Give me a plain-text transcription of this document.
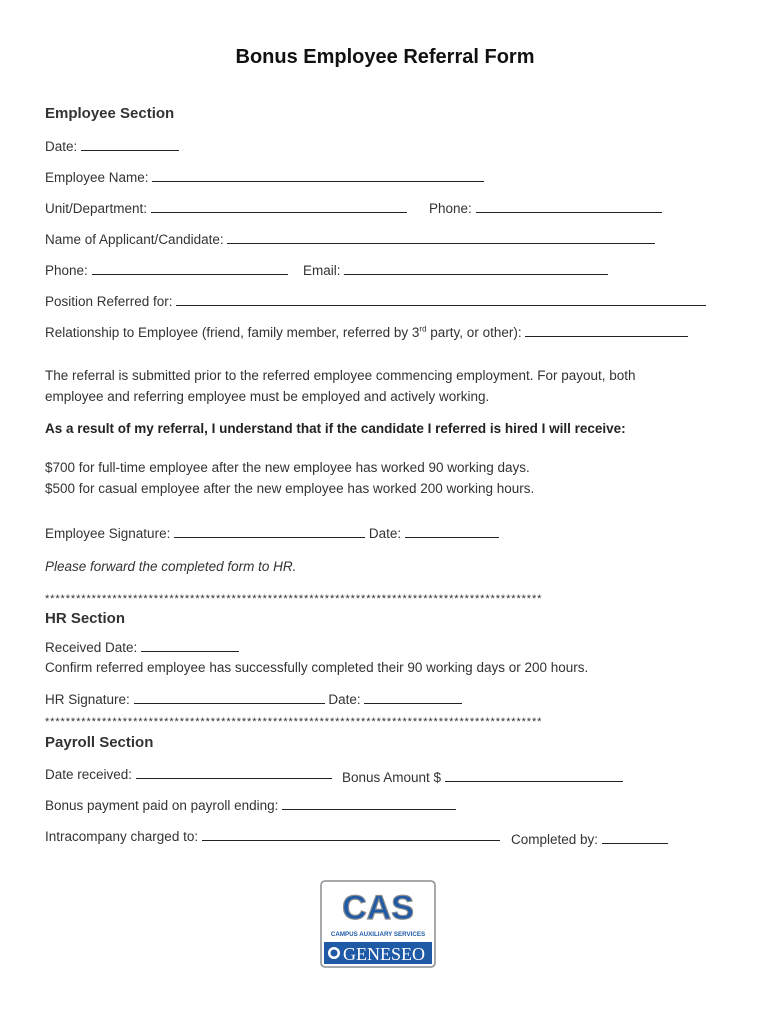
Bonus Employee Referral Form
Employee Section
Date:
Employee Name:
Unit/Department:	Phone:
Name of Applicant/Candidate:
Phone:	Email:
Position Referred for:
Relationship to Employee (friend, family member, referred by 3rd party, or other):
The referral is submitted prior to the referred employee commencing employment. For payout, both
employee and referring employee must be employed and actively working.
As a result of my referral, I understand that if the candidate I referred is hired I will receive:
$700 for full-time employee after the new employee has worked 90 working days.
$500 for casual employee after the new employee has worked 200 working hours.
Employee Signature:	Date:
Please forward the completed form to HR.
************************************************************************************************
HR Section
Received Date:
Confirm referred employee has successfully completed their 90 working days or 200 hours.
HR Signature:	Date:
************************************************************************************************
Payroll Section
Date received:	Bonus Amount $
Bonus payment paid on payroll ending:
Intracompany charged to:	Completed by:
CAS
CAMPUS AUXILIARY SERVICES
GENESEO
